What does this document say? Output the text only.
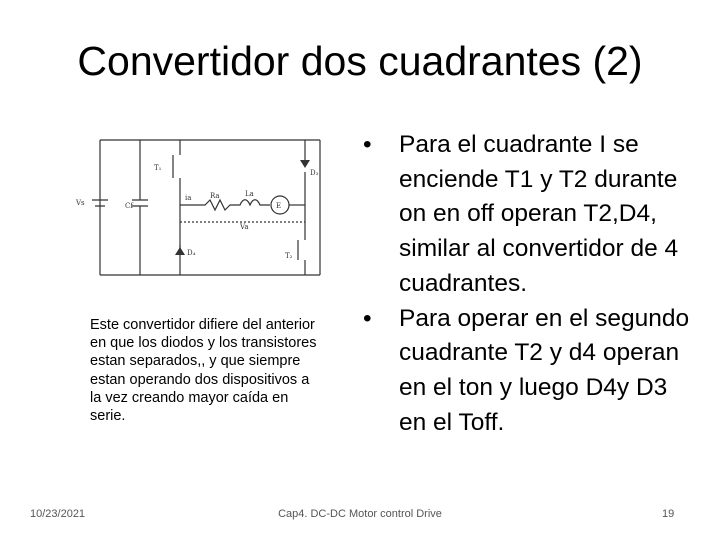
Convertidor dos cuadrantes (2)
T₁
D₃
Vs	Cf
Ra	La
E
ia
Va
D₄	T₂
Este convertidor difiere del anterior en que los diodos y los transistores estan separados,, y que siempre estan operando dos dispositivos a la vez creando mayor caída en serie.
• Para el cuadrante I se enciende T1 y T2 durante on en off operan T2,D4, similar al convertidor de 4 cuadrantes.
• Para operar en el segundo cuadrante T2 y d4 operan en el ton y luego D4y D3 en el Toff.
10/23/2021	Cap4. DC-DC Motor control Drive	19
